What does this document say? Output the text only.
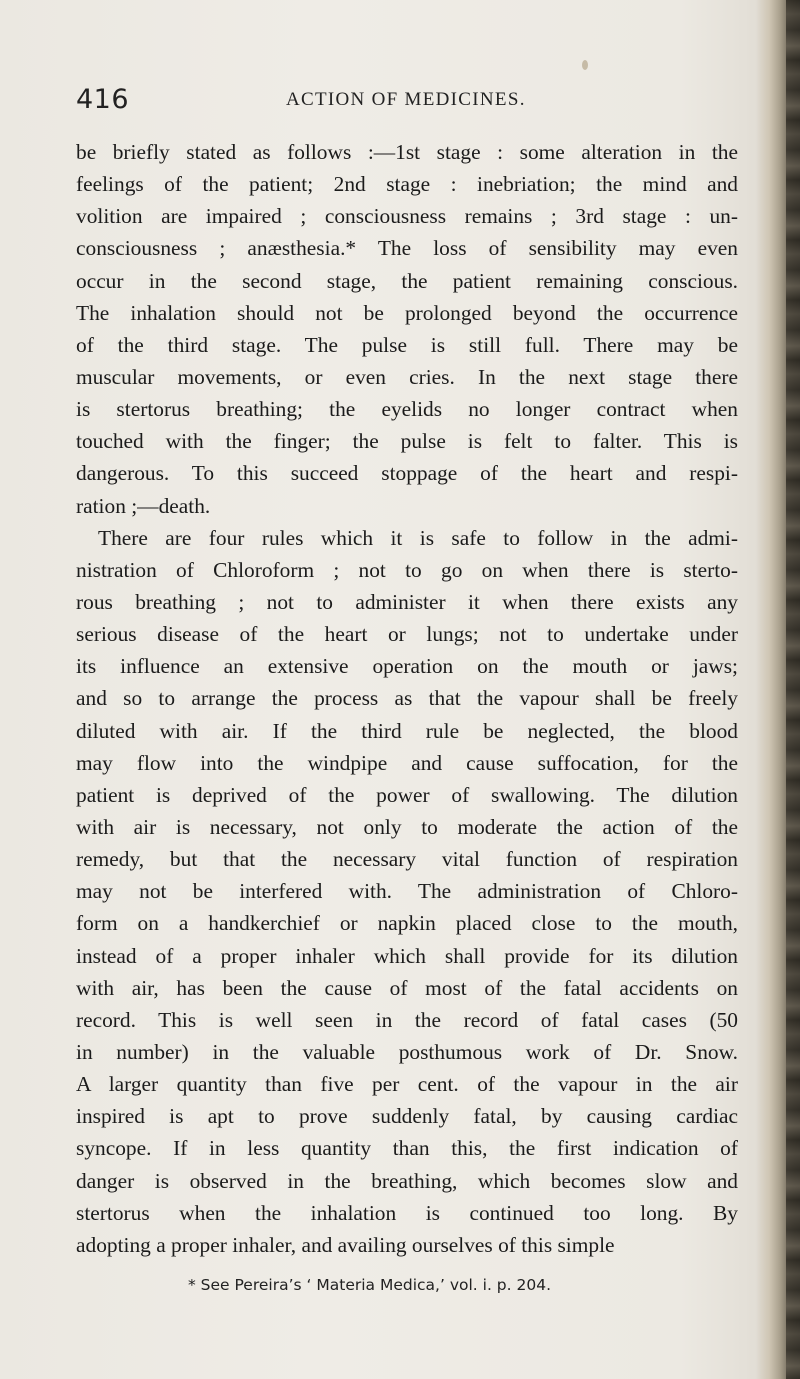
416	ACTION OF MEDICINES.
be briefly stated as follows :—1st stage : some alteration in the
feelings of the patient; 2nd stage : inebriation; the mind and
volition are impaired ; consciousness remains ; 3rd stage : un-
consciousness ; anæsthesia.* The loss of sensibility may even
occur in the second stage, the patient remaining conscious.
The inhalation should not be prolonged beyond the occurrence
of the third stage. The pulse is still full. There may be
muscular movements, or even cries. In the next stage there
is stertorus breathing; the eyelids no longer contract when
touched with the finger; the pulse is felt to falter. This is
dangerous. To this succeed stoppage of the heart and respi-
ration ;—death.
There are four rules which it is safe to follow in the admi-
nistration of Chloroform ; not to go on when there is sterto-
rous breathing ; not to administer it when there exists any
serious disease of the heart or lungs; not to undertake under
its influence an extensive operation on the mouth or jaws;
and so to arrange the process as that the vapour shall be freely
diluted with air. If the third rule be neglected, the blood
may flow into the windpipe and cause suffocation, for the
patient is deprived of the power of swallowing. The dilution
with air is necessary, not only to moderate the action of the
remedy, but that the necessary vital function of respiration
may not be interfered with. The administration of Chloro-
form on a handkerchief or napkin placed close to the mouth,
instead of a proper inhaler which shall provide for its dilution
with air, has been the cause of most of the fatal accidents on
record. This is well seen in the record of fatal cases (50
in number) in the valuable posthumous work of Dr. Snow.
A larger quantity than five per cent. of the vapour in the air
inspired is apt to prove suddenly fatal, by causing cardiac
syncope. If in less quantity than this, the first indication of
danger is observed in the breathing, which becomes slow and
stertorus when the inhalation is continued too long. By
adopting a proper inhaler, and availing ourselves of this simple
* See Pereira’s ‘ Materia Medica,’ vol. i. p. 204.
